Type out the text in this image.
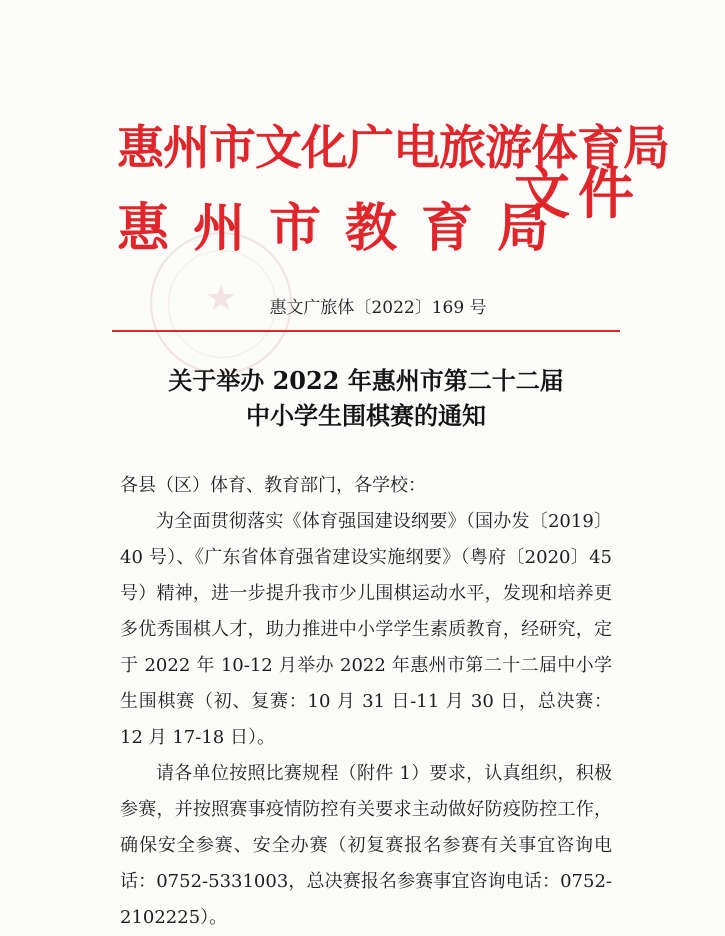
★
惠州市文化广电旅游体育局
惠州市教育局
文件
惠文广旅体〔2022〕169 号
关于举办 2022 年惠州市第二十二届
中小学生围棋赛的通知

各县（区）体育、教育部门，各学校：

为全面贯彻落实《体育强国建设纲要》（国办发〔2019〕40 号）、《广东省体育强省建设实施纲要》（粤府〔2020〕45 号）精神，进一步提升我市少儿围棋运动水平，发现和培养更多优秀围棋人才，助力推进中小学学生素质教育，经研究，定于 2022 年 10-12 月举办 2022 年惠州市第二十二届中小学生围棋赛（初、复赛：10 月 31 日-11 月 30 日，总决赛：12 月 17-18 日）。

请各单位按照比赛规程（附件 1）要求，认真组织，积极参赛，并按照赛事疫情防控有关要求主动做好防疫防控工作，确保安全参赛、安全办赛（初复赛报名参赛有关事宜咨询电话：0752-5331003，总决赛报名参赛事宜咨询电话：0752-2102225）。
